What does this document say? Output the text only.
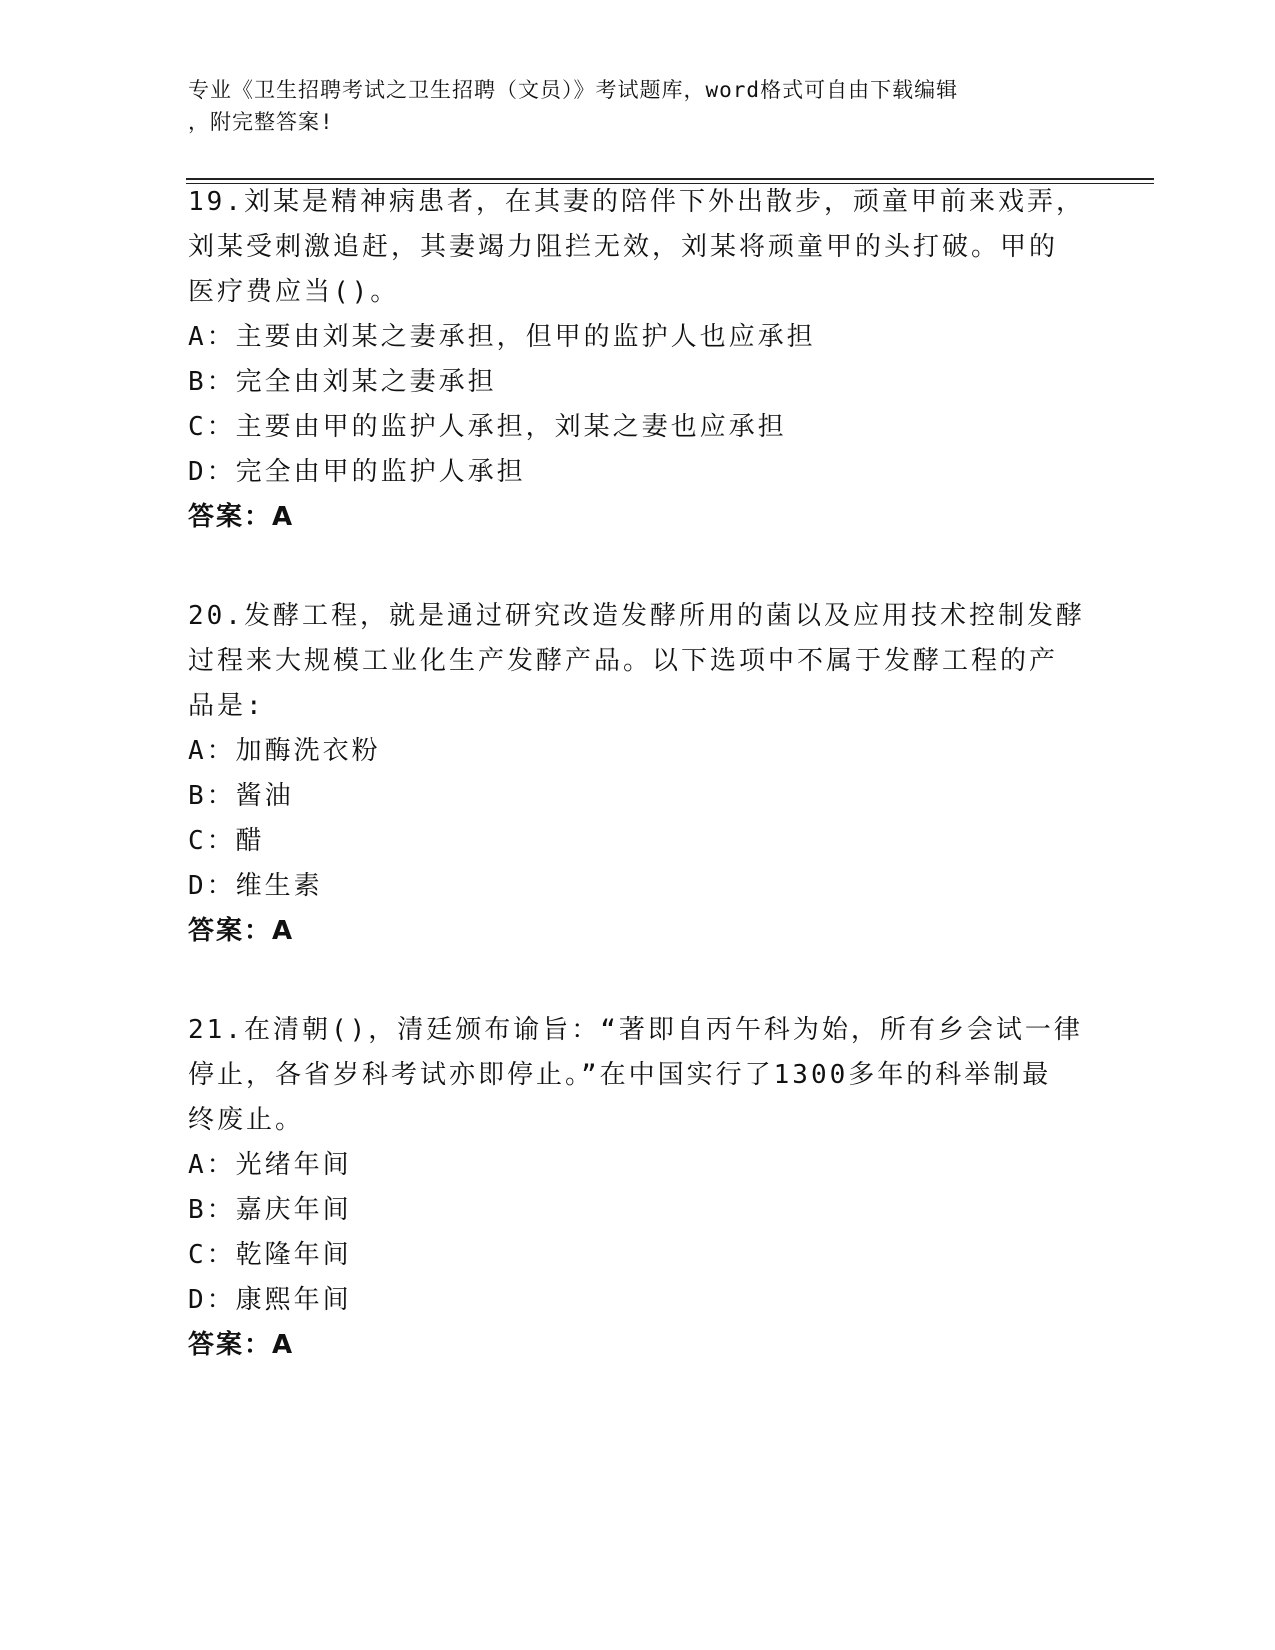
专业《卫生招聘考试之卫生招聘（文员）》考试题库，word格式可自由下载编辑
，附完整答案!
19.刘某是精神病患者，在其妻的陪伴下外出散步，顽童甲前来戏弄，
刘某受刺激追赶，其妻竭力阻拦无效，刘某将顽童甲的头打破。甲的
医疗费应当()。
A：主要由刘某之妻承担，但甲的监护人也应承担
B：完全由刘某之妻承担
C：主要由甲的监护人承担，刘某之妻也应承担
D：完全由甲的监护人承担
答案：A
20.发酵工程，就是通过研究改造发酵所用的菌以及应用技术控制发酵
过程来大规模工业化生产发酵产品。以下选项中不属于发酵工程的产
品是:
A：加酶洗衣粉
B：酱油
C：醋
D：维生素
答案：A
21.在清朝()，清廷颁布谕旨：“著即自丙午科为始，所有乡会试一律
停止，各省岁科考试亦即停止。”在中国实行了1300多年的科举制最
终废止。
A：光绪年间
B：嘉庆年间
C：乾隆年间
D：康熙年间
答案：A
